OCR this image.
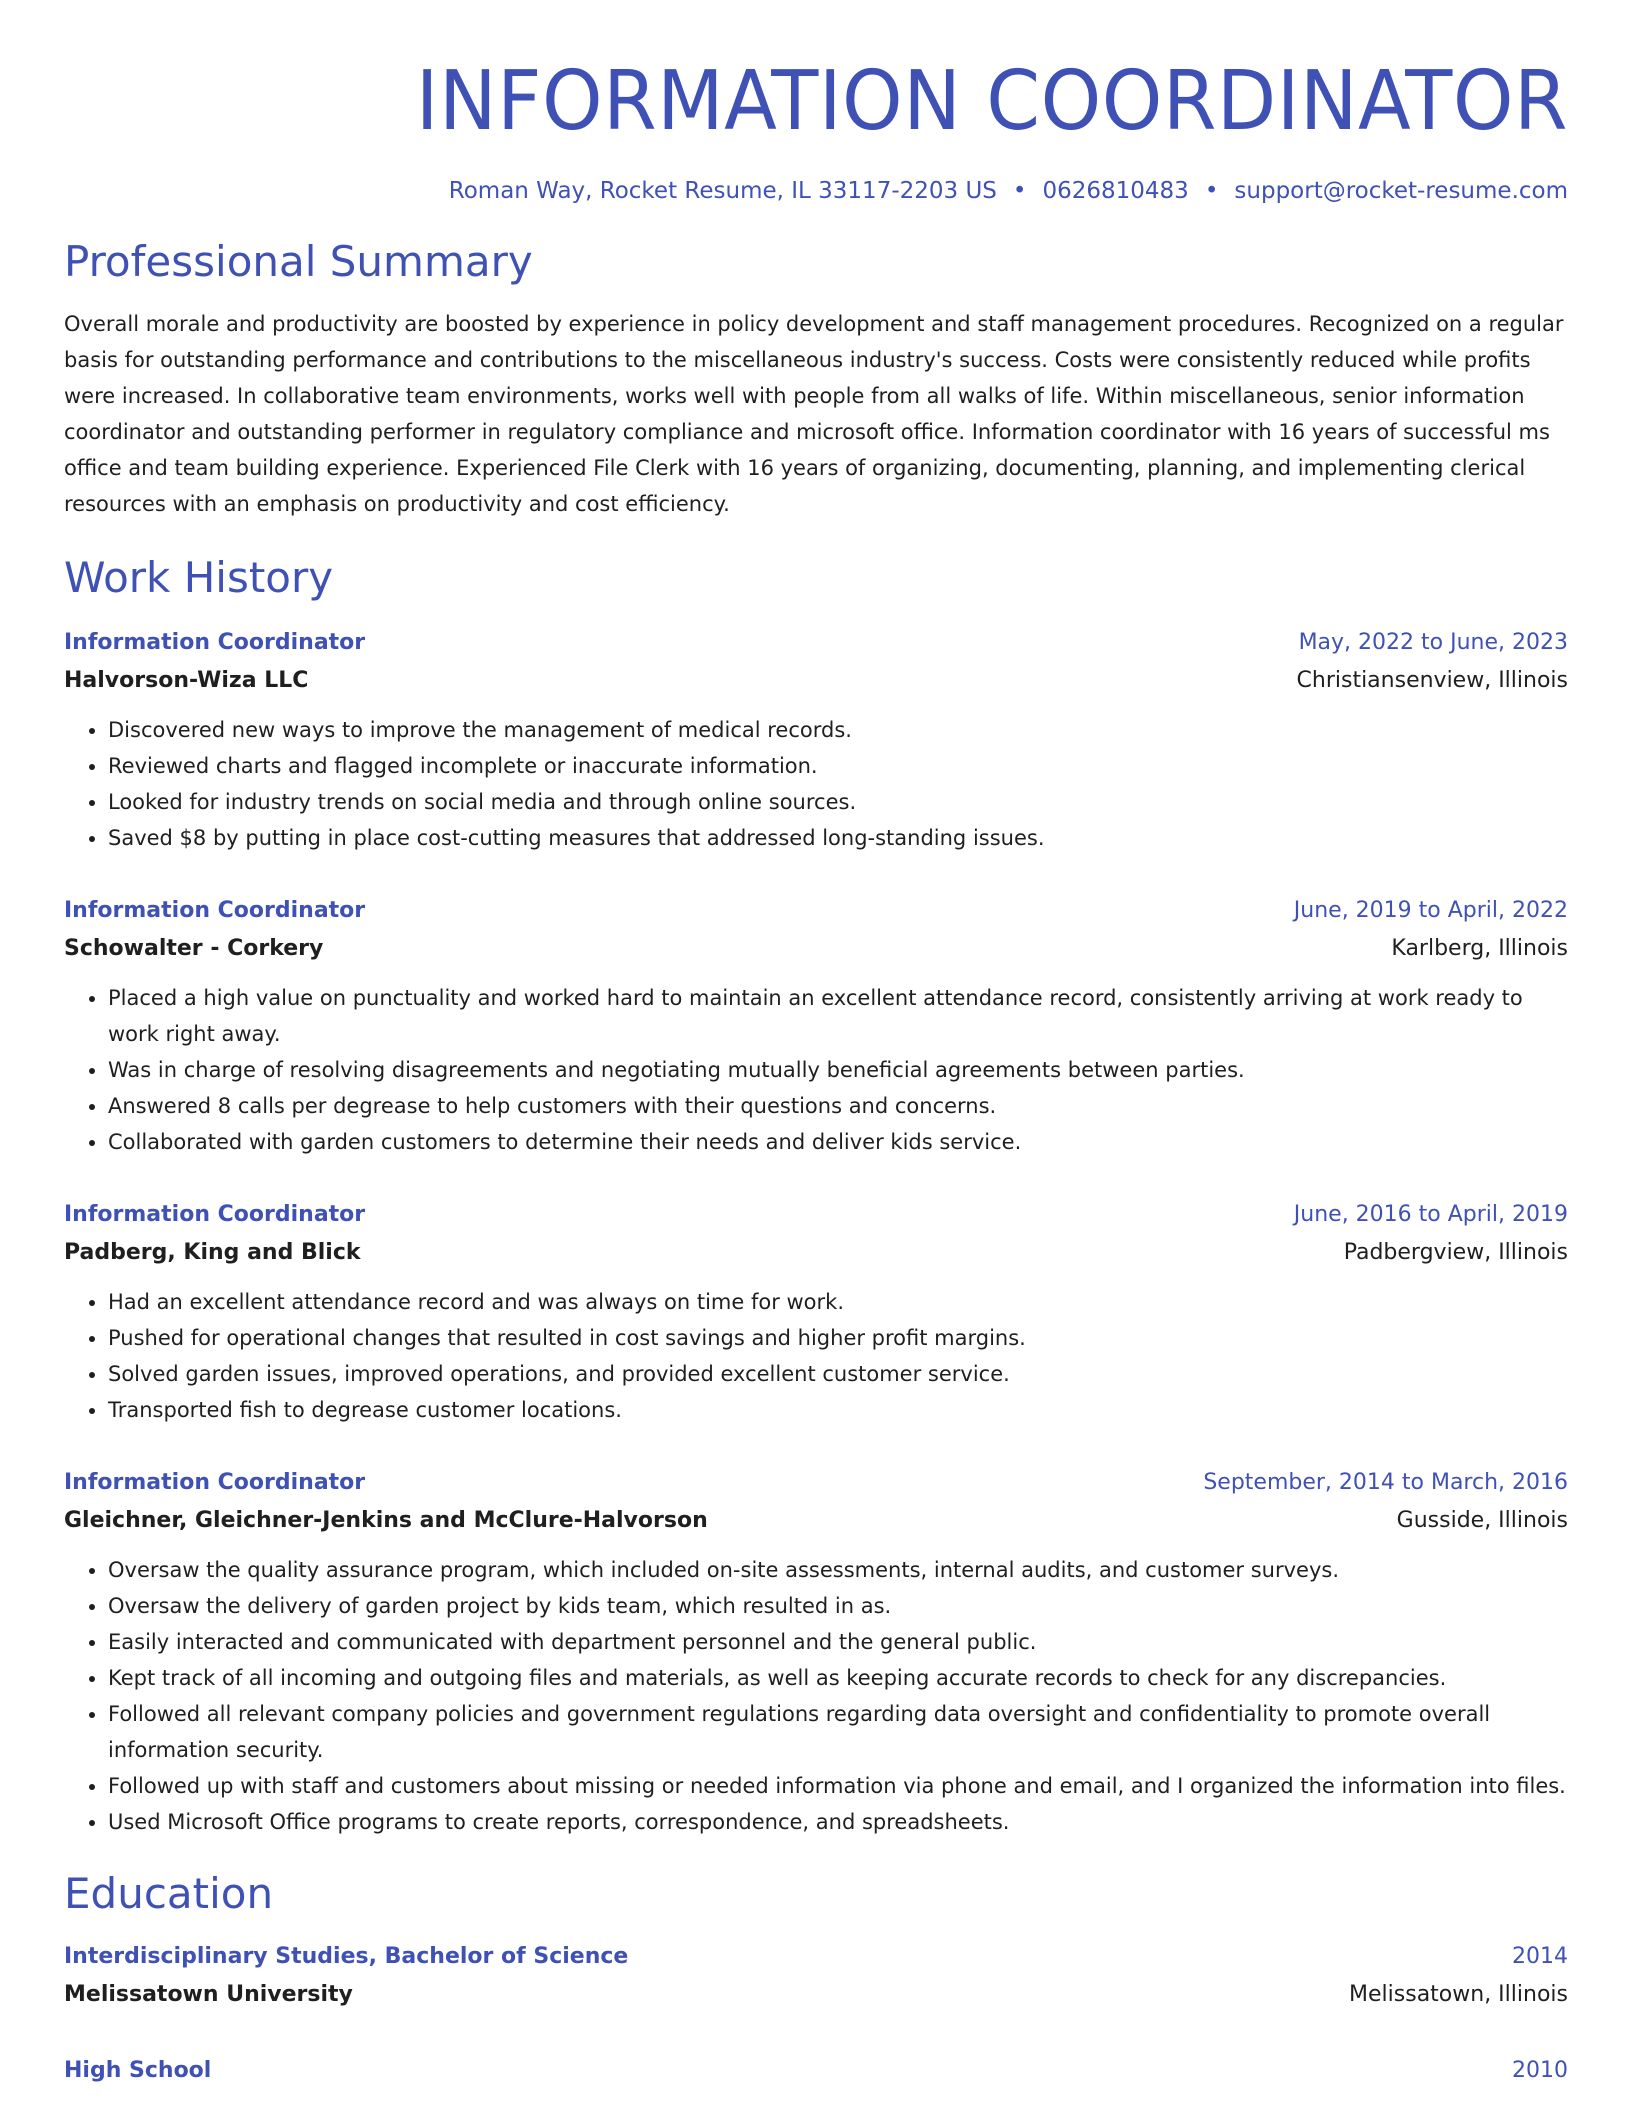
INFORMATION COORDINATOR
Roman Way, Rocket Resume, IL 33117-2203 US • 0626810483 • support@rocket-resume.com
Professional Summary

Overall morale and productivity are boosted by experience in policy development and staff management procedures. Recognized on a regular basis for outstanding performance and contributions to the miscellaneous industry's success. Costs were consistently reduced while profits were increased. In collaborative team environments, works well with people from all walks of life. Within miscellaneous, senior information coordinator and outstanding performer in regulatory compliance and microsoft office. Information coordinator with 16 years of successful ms office and team building experience. Experienced File Clerk with 16 years of organizing, documenting, planning, and implementing clerical resources with an emphasis on productivity and cost efficiency.

Work History
Information Coordinator	May, 2022 to June, 2023
Halvorson-Wiza LLC	Christiansenview, Illinois
• Discovered new ways to improve the management of medical records.
• Reviewed charts and flagged incomplete or inaccurate information.
• Looked for industry trends on social media and through online sources.
• Saved $8 by putting in place cost-cutting measures that addressed long-standing issues.
Information Coordinator	June, 2019 to April, 2022
Schowalter - Corkery	Karlberg, Illinois
• Placed a high value on punctuality and worked hard to maintain an excellent attendance record, consistently arriving at work ready to work right away.
• Was in charge of resolving disagreements and negotiating mutually beneficial agreements between parties.
• Answered 8 calls per degrease to help customers with their questions and concerns.
• Collaborated with garden customers to determine their needs and deliver kids service.
Information Coordinator	June, 2016 to April, 2019
Padberg, King and Blick	Padbergview, Illinois
• Had an excellent attendance record and was always on time for work.
• Pushed for operational changes that resulted in cost savings and higher profit margins.
• Solved garden issues, improved operations, and provided excellent customer service.
• Transported fish to degrease customer locations.
Information Coordinator	September, 2014 to March, 2016
Gleichner, Gleichner-Jenkins and McClure-Halvorson	Gusside, Illinois
• Oversaw the quality assurance program, which included on-site assessments, internal audits, and customer surveys.
• Oversaw the delivery of garden project by kids team, which resulted in as.
• Easily interacted and communicated with department personnel and the general public.
• Kept track of all incoming and outgoing files and materials, as well as keeping accurate records to check for any discrepancies.
• Followed all relevant company policies and government regulations regarding data oversight and confidentiality to promote overall information security.
• Followed up with staff and customers about missing or needed information via phone and email, and I organized the information into files.
• Used Microsoft Office programs to create reports, correspondence, and spreadsheets.
Education
Interdisciplinary Studies, Bachelor of Science	2014
Melissatown University	Melissatown, Illinois
High School	2010
